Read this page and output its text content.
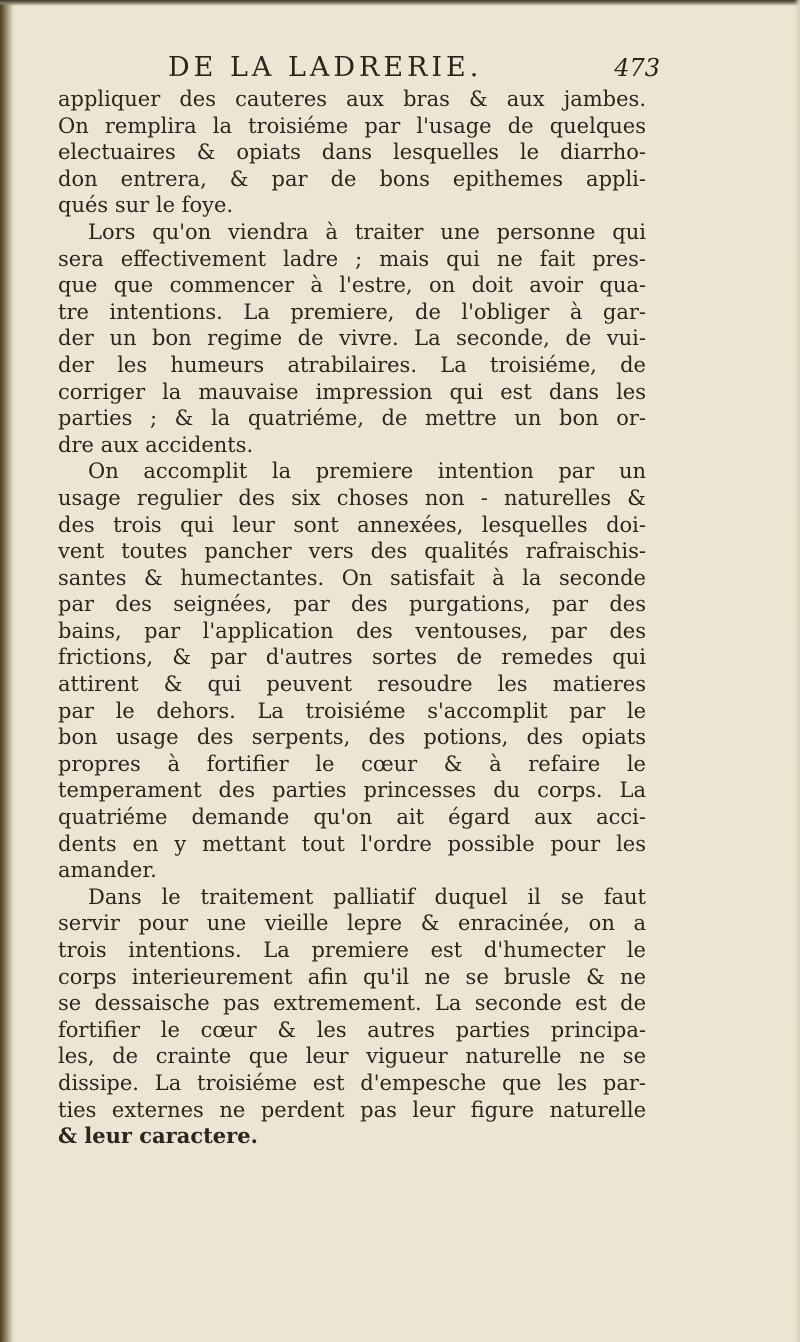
DE LA LADRERIE.	473
appliquer des cauteres aux bras & aux jambes.
On remplira la troisiéme par l'usage de quelques
electuaires & opiats dans lesquelles le diarrho-
don entrera, & par de bons epithemes appli-
qués sur le foye.
Lors qu'on viendra à traiter une personne qui
sera effectivement ladre ; mais qui ne fait pres-
que que commencer à l'estre, on doit avoir qua-
tre intentions. La premiere, de l'obliger à gar-
der un bon regime de vivre. La seconde, de vui-
der les humeurs atrabilaires. La troisiéme, de
corriger la mauvaise impression qui est dans les
parties ; & la quatriéme, de mettre un bon or-
dre aux accidents.
On accomplit la premiere intention par un
usage regulier des six choses non - naturelles &
des trois qui leur sont annexées, lesquelles doi-
vent toutes pancher vers des qualités rafraischis-
santes & humectantes. On satisfait à la seconde
par des seignées, par des purgations, par des
bains, par l'application des ventouses, par des
frictions, & par d'autres sortes de remedes qui
attirent & qui peuvent resoudre les matieres
par le dehors. La troisiéme s'accomplit par le
bon usage des serpents, des potions, des opiats
propres à fortifier le cœur & à refaire le
temperament des parties princesses du corps. La
quatriéme demande qu'on ait égard aux acci-
dents en y mettant tout l'ordre possible pour les
amander.
Dans le traitement palliatif duquel il se faut
servir pour une vieille lepre & enracinée, on a
trois intentions. La premiere est d'humecter le
corps interieurement afin qu'il ne se brusle & ne
se dessaische pas extremement. La seconde est de
fortifier le cœur & les autres parties principa-
les, de crainte que leur vigueur naturelle ne se
dissipe. La troisiéme est d'empesche que les par-
ties externes ne perdent pas leur figure naturelle
& leur caractere.
